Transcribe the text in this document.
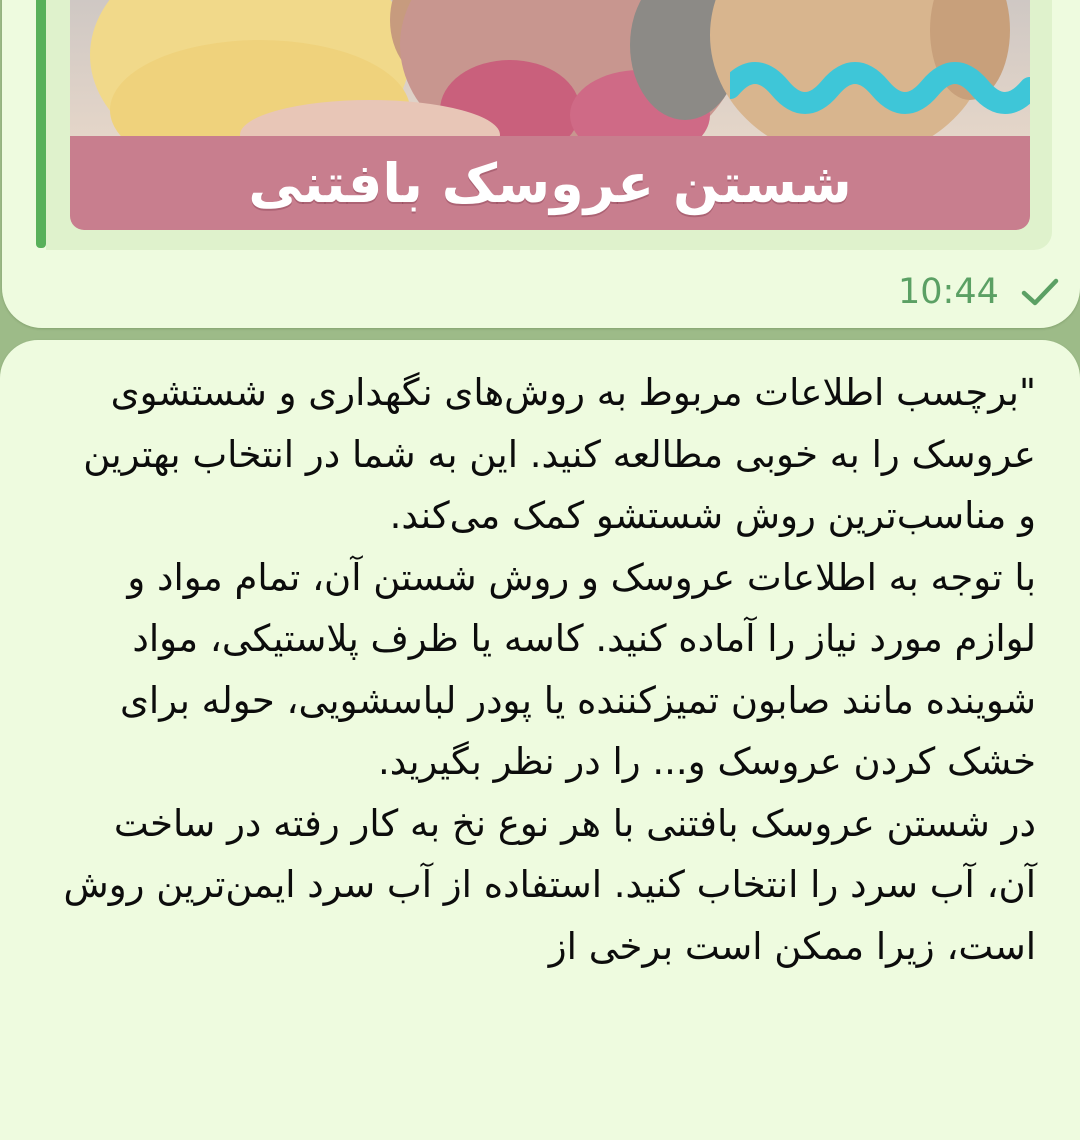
شستن عروسک بافتنی
10:44
"برچسب اطلاعات مربوط به روش‌های نگهداری و شستشوی عروسک را به خوبی مطالعه کنید. این به شما در انتخاب بهترین و مناسب‌ترین روش شستشو کمک می‌کند.
با توجه به اطلاعات عروسک و روش شستن آن، تمام مواد و لوازم مورد نیاز را آماده کنید. کاسه یا ظرف پلاستیکی، مواد شوینده مانند صابون تمیزکننده یا پودر لباسشویی، حوله برای خشک کردن عروسک و... را در نظر بگیرید.
در شستن عروسک بافتنی با هر نوع نخ به کار رفته در ساخت آن، آب سرد را انتخاب کنید. استفاده از آب سرد ایمن‌ترین روش است، زیرا ممکن است برخی از
